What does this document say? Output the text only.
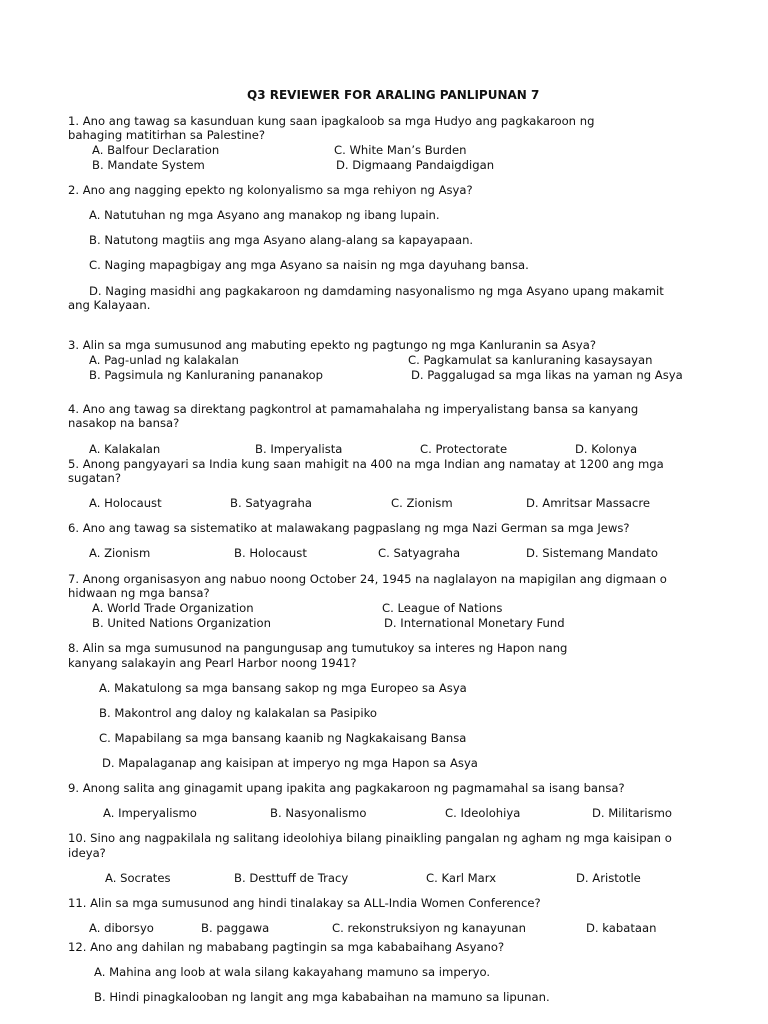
Q3 REVIEWER FOR ARALING PANLIPUNAN 7
1. Ano ang tawag sa kasunduan kung saan ipagkaloob sa mga Hudyo ang pagkakaroon ng
bahaging matitirhan sa Palestine?
A. Balfour Declaration	C. White Man’s Burden
B. Mandate System	D. Digmaang Pandaigdigan
2. Ano ang nagging epekto ng kolonyalismo sa mga rehiyon ng Asya?
A. Natutuhan ng mga Asyano ang manakop ng ibang lupain.
B. Natutong magtiis ang mga Asyano alang-alang sa kapayapaan.
C. Naging mapagbigay ang mga Asyano sa naisin ng mga dayuhang bansa.
D. Naging masidhi ang pagkakaroon ng damdaming nasyonalismo ng mga Asyano upang makamit
ang Kalayaan.
3. Alin sa mga sumusunod ang mabuting epekto ng pagtungo ng mga Kanluranin sa Asya?
A. Pag-unlad ng kalakalan	C. Pagkamulat sa kanluraning kasaysayan
B. Pagsimula ng Kanluraning pananakop	D. Paggalugad sa mga likas na yaman ng Asya
4. Ano ang tawag sa direktang pagkontrol at pamamahalaha ng imperyalistang bansa sa kanyang
nasakop na bansa?
A. Kalakalan	B. Imperyalista	C. Protectorate	D. Kolonya
5. Anong pangyayari sa India kung saan mahigit na 400 na mga Indian ang namatay at 1200 ang mga
sugatan?
A. Holocaust	B. Satyagraha	C. Zionism	D. Amritsar Massacre
6. Ano ang tawag sa sistematiko at malawakang pagpaslang ng mga Nazi German sa mga Jews?
A. Zionism	B. Holocaust	C. Satyagraha	D. Sistemang Mandato
7. Anong organisasyon ang nabuo noong October 24, 1945 na naglalayon na mapigilan ang digmaan o
hidwaan ng mga bansa?
A. World Trade Organization	C. League of Nations
B. United Nations Organization	D. International Monetary Fund
8. Alin sa mga sumusunod na pangungusap ang tumutukoy sa interes ng Hapon nang
kanyang salakayin ang Pearl Harbor noong 1941?
A. Makatulong sa mga bansang sakop ng mga Europeo sa Asya
B. Makontrol ang daloy ng kalakalan sa Pasipiko
C. Mapabilang sa mga bansang kaanib ng Nagkakaisang Bansa
D. Mapalaganap ang kaisipan at imperyo ng mga Hapon sa Asya
9. Anong salita ang ginagamit upang ipakita ang pagkakaroon ng pagmamahal sa isang bansa?
A. Imperyalismo	B. Nasyonalismo	C. Ideolohiya	D. Militarismo
10. Sino ang nagpakilala ng salitang ideolohiya bilang pinaikling pangalan ng agham ng mga kaisipan o
ideya?
A. Socrates	B. Desttuff de Tracy	C. Karl Marx	D. Aristotle
11. Alin sa mga sumusunod ang hindi tinalakay sa ALL-India Women Conference?
A. diborsyo	B. paggawa	C. rekonstruksiyon ng kanayunan	D. kabataan
12. Ano ang dahilan ng mababang pagtingin sa mga kababaihang Asyano?
A. Mahina ang loob at wala silang kakayahang mamuno sa imperyo.
B. Hindi pinagkalooban ng langit ang mga kababaihan na mamuno sa lipunan.
